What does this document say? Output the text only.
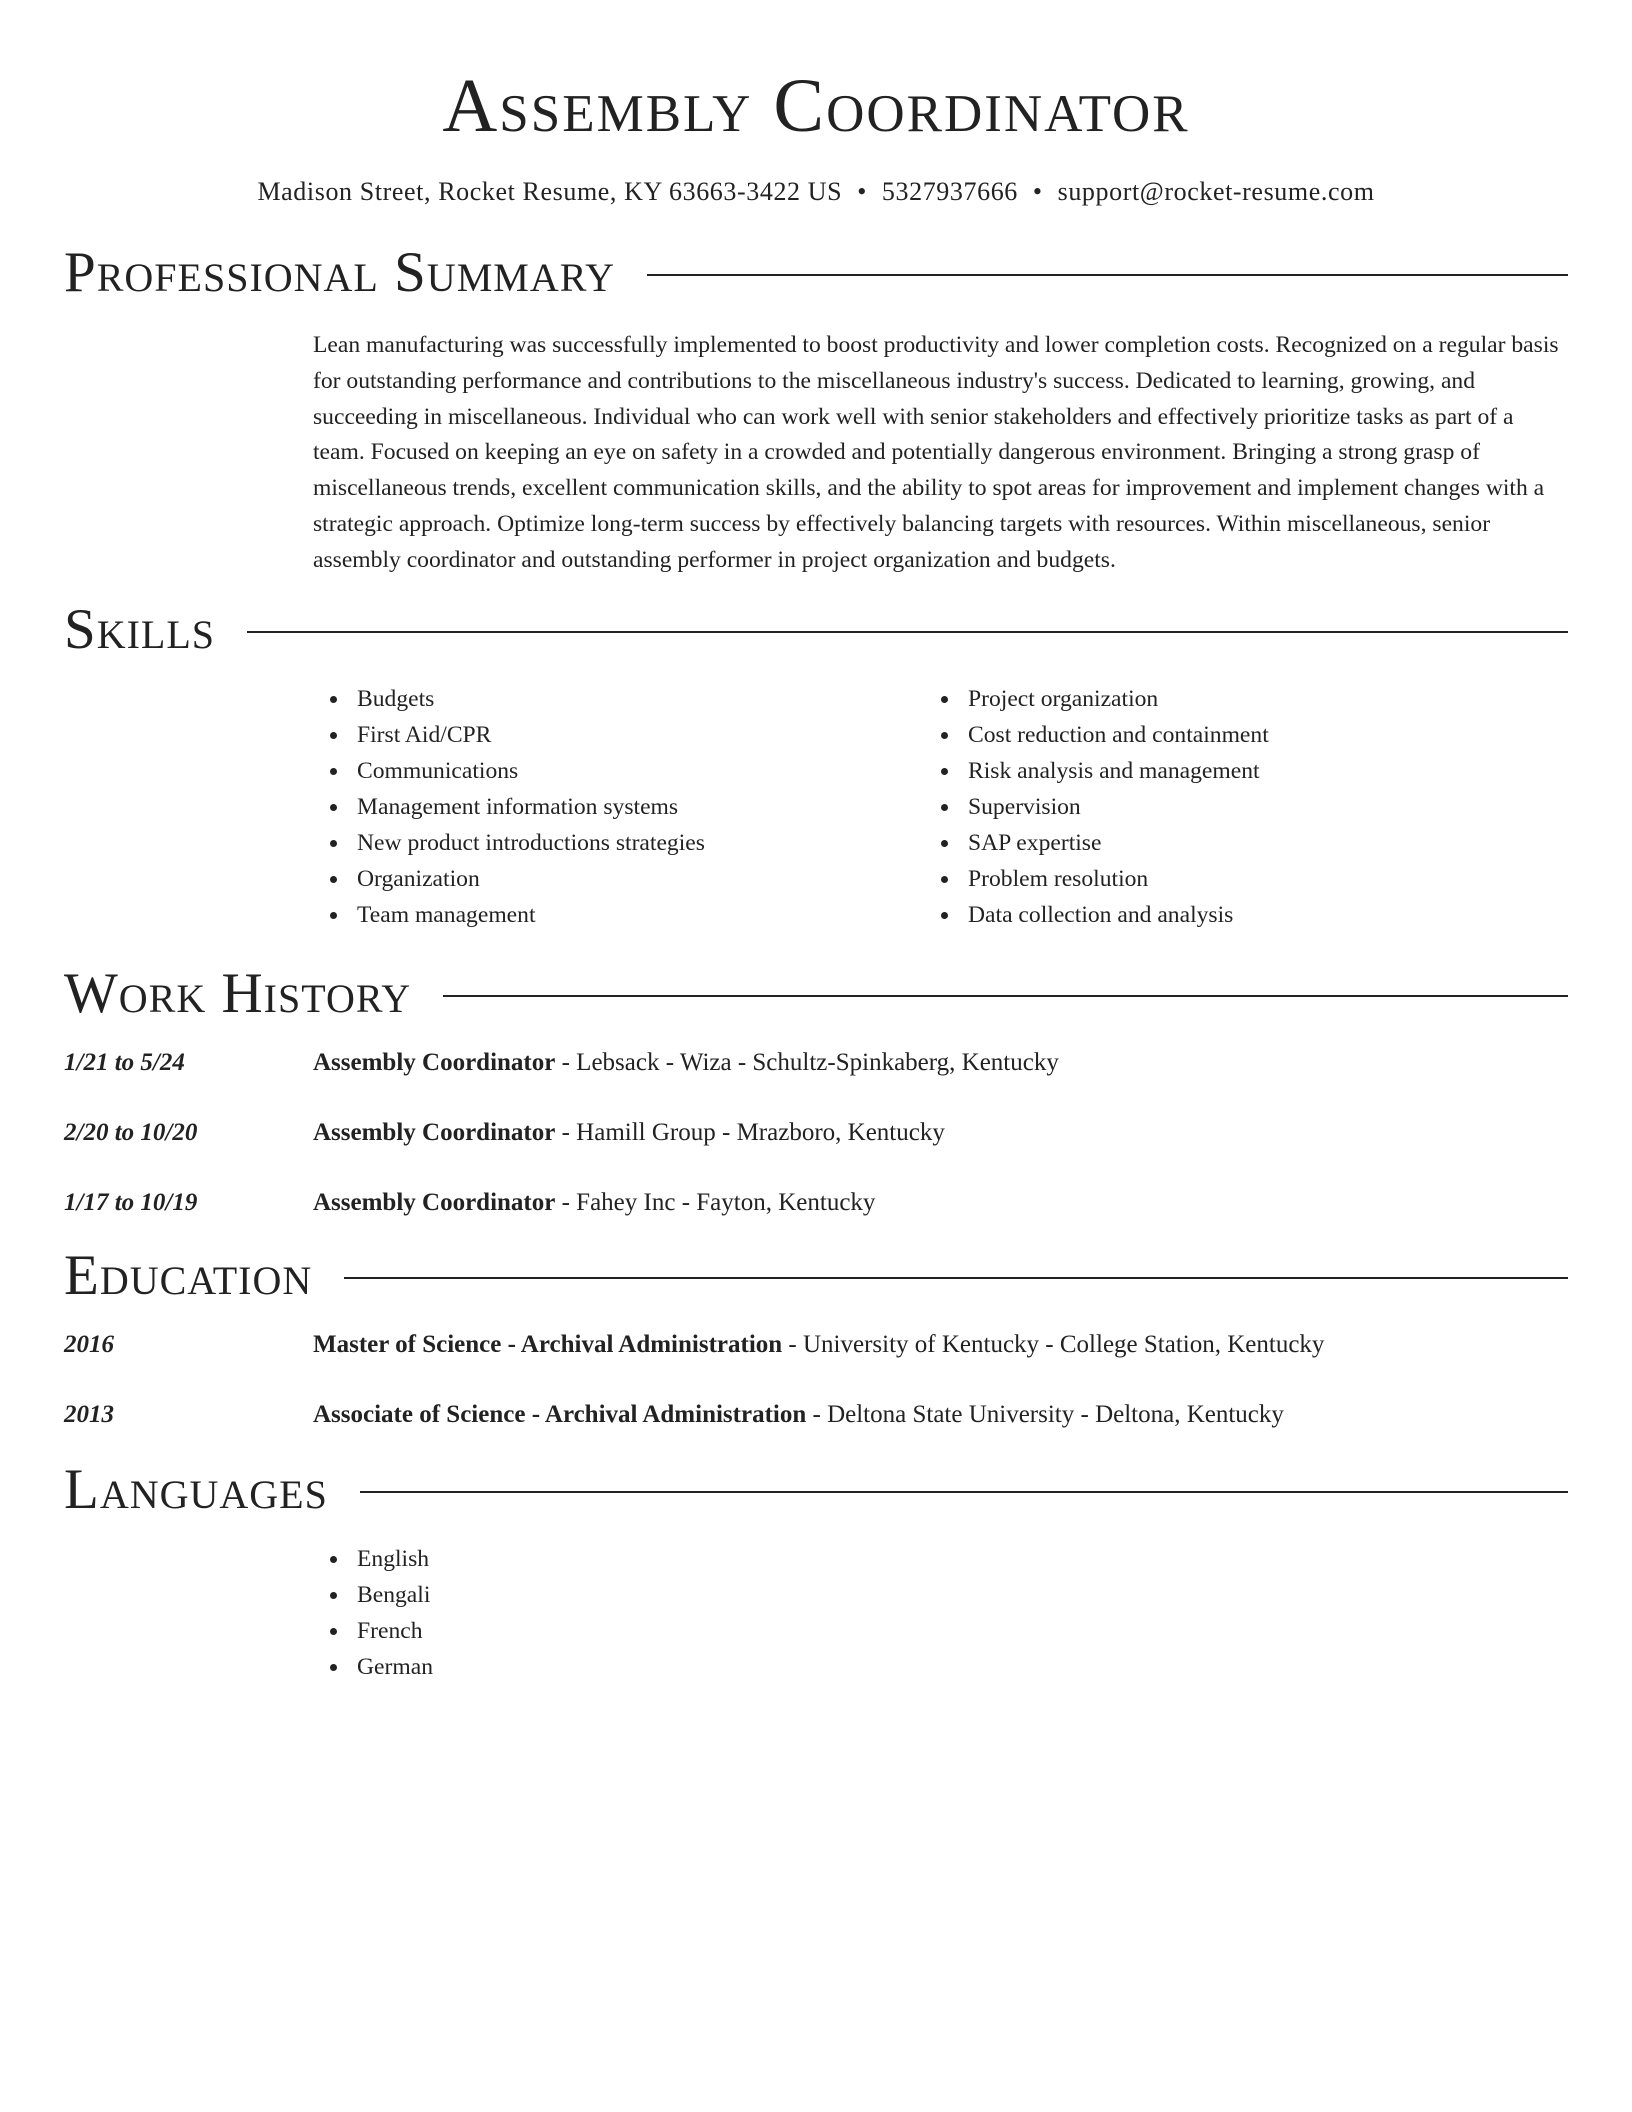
Assembly Coordinator
Madison Street, Rocket Resume, KY 63663-3422 US • 5327937666 • support@rocket-resume.com
Professional Summary

Lean manufacturing was successfully implemented to boost productivity and lower completion costs. Recognized on a regular basis for outstanding performance and contributions to the miscellaneous industry's success. Dedicated to learning, growing, and succeeding in miscellaneous. Individual who can work well with senior stakeholders and effectively prioritize tasks as part of a team. Focused on keeping an eye on safety in a crowded and potentially dangerous environment. Bringing a strong grasp of miscellaneous trends, excellent communication skills, and the ability to spot areas for improvement and implement changes with a strategic approach. Optimize long-term success by effectively balancing targets with resources. Within miscellaneous, senior assembly coordinator and outstanding performer in project organization and budgets.

Skills
Budgets
First Aid/CPR
Communications
Management information systems
New product introductions strategies
Organization
Team management
Project organization
Cost reduction and containment
Risk analysis and management
Supervision
SAP expertise
Problem resolution
Data collection and analysis
Work History
1/21 to 5/24	Assembly Coordinator - Lebsack - Wiza - Schultz-Spinkaberg, Kentucky
2/20 to 10/20	Assembly Coordinator - Hamill Group - Mrazboro, Kentucky
1/17 to 10/19	Assembly Coordinator - Fahey Inc - Fayton, Kentucky
Education
2016	Master of Science - Archival Administration - University of Kentucky - College Station, Kentucky
2013	Associate of Science - Archival Administration - Deltona State University - Deltona, Kentucky
Languages
English
Bengali
French
German
